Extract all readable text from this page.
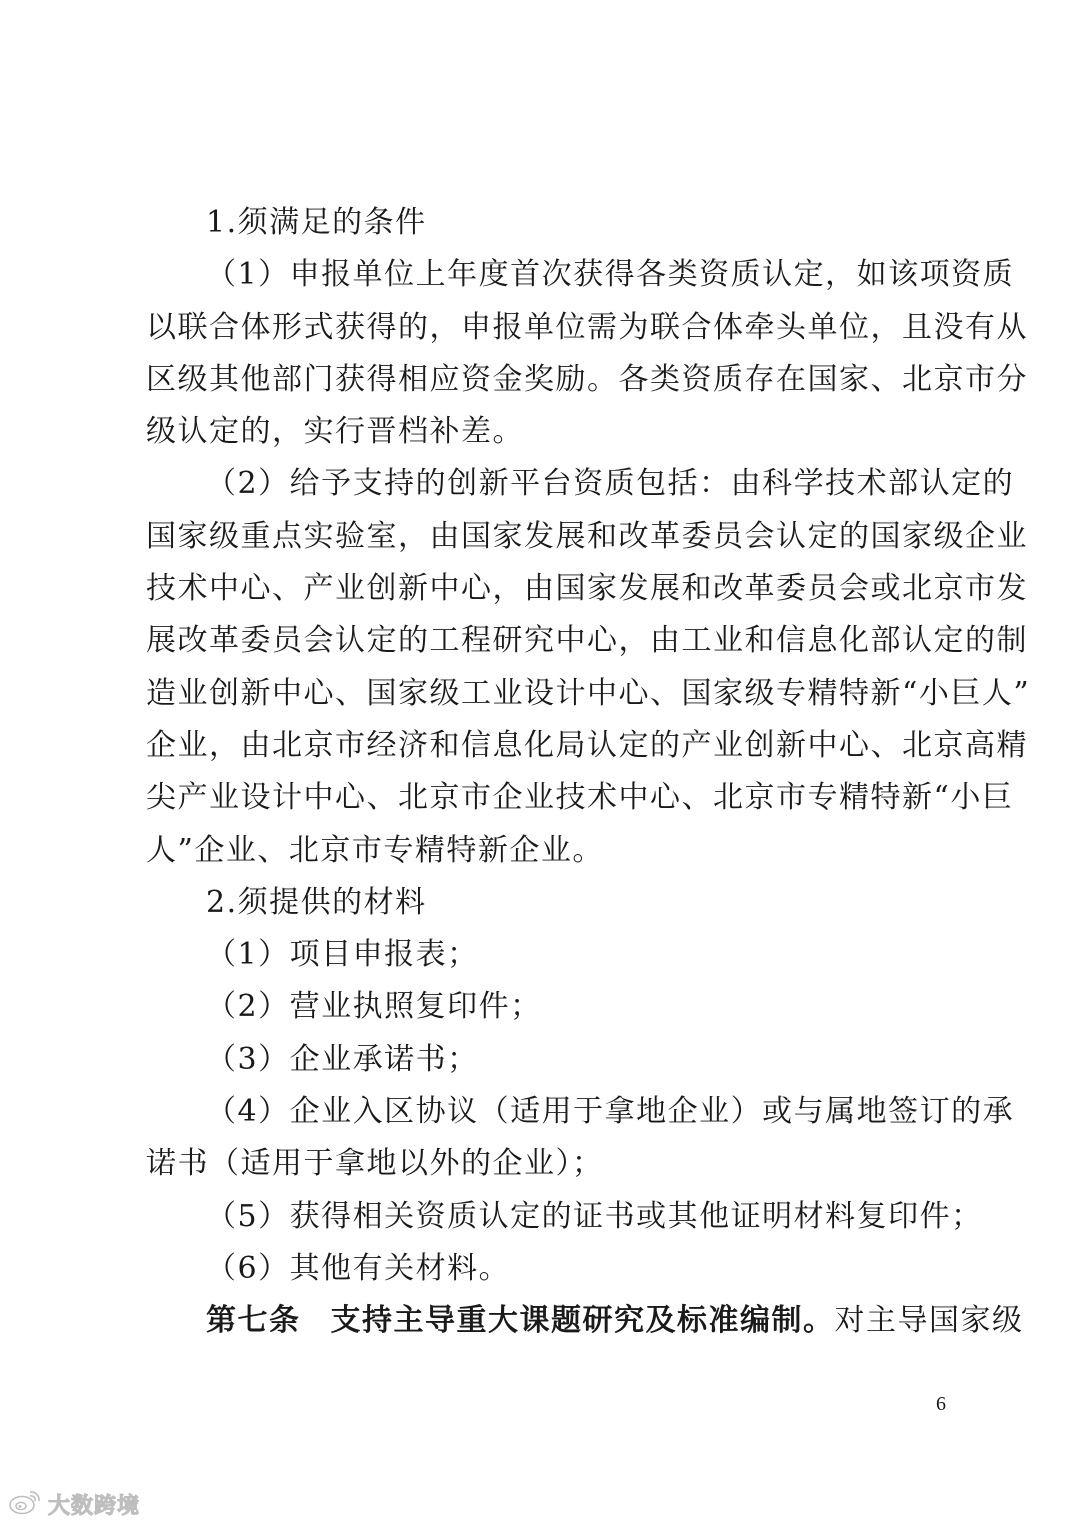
1.须满足的条件
（1）申报单位上年度首次获得各类资质认定，如该项资质
以联合体形式获得的，申报单位需为联合体牵头单位，且没有从
区级其他部门获得相应资金奖励。各类资质存在国家、北京市分
级认定的，实行晋档补差。
（2）给予支持的创新平台资质包括：由科学技术部认定的
国家级重点实验室，由国家发展和改革委员会认定的国家级企业
技术中心、产业创新中心，由国家发展和改革委员会或北京市发
展改革委员会认定的工程研究中心，由工业和信息化部认定的制
造业创新中心、国家级工业设计中心、国家级专精特新“小巨人”
企业，由北京市经济和信息化局认定的产业创新中心、北京高精
尖产业设计中心、北京市企业技术中心、北京市专精特新“小巨
人”企业、北京市专精特新企业。
2.须提供的材料
（1）项目申报表；
（2）营业执照复印件；
（3）企业承诺书；
（4）企业入区协议（适用于拿地企业）或与属地签订的承
诺书（适用于拿地以外的企业）；
（5）获得相关资质认定的证书或其他证明材料复印件；
（6）其他有关材料。
第七条 支持主导重大课题研究及标准编制。对主导国家级
6
大数跨境
